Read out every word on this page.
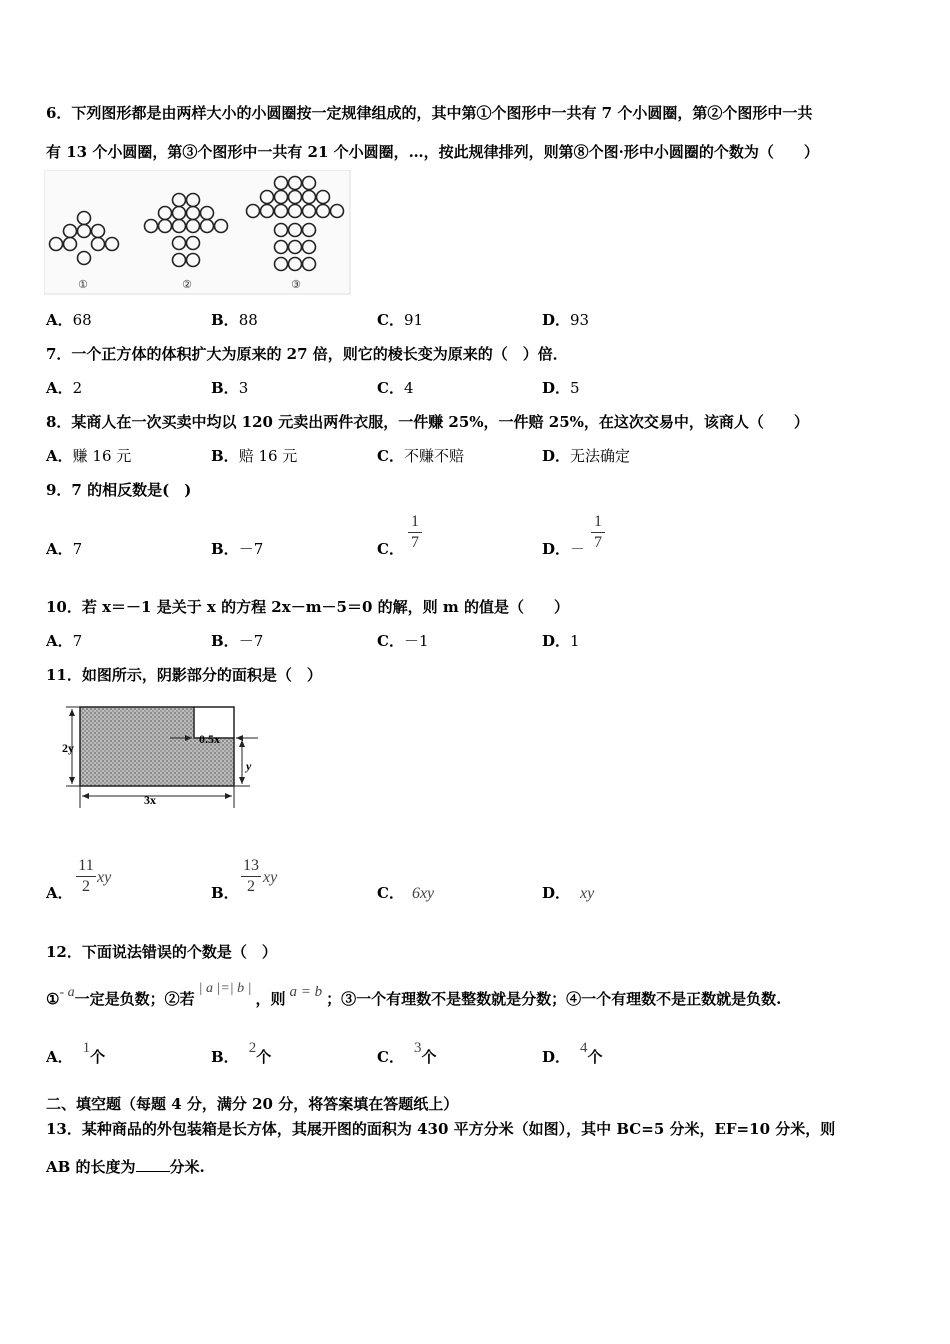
6．下列图形都是由两样大小的小圆圈按一定规律组成的，其中第①个图形中一共有 7 个小圆圈，第②个图形中一共
有 13 个小圆圈，第③个图形中一共有 21 个小圆圈，…，按此规律排列，则第⑧个图·形中小圆圈的个数为（　　）
①	②	③
A．68	B．88	C．91	D．93
7．一个正方体的体积扩大为原来的 27 倍，则它的棱长变为原来的（　）倍．
A．2	B．3	C．4	D．5
8．某商人在一次买卖中均以 120 元卖出两件衣服，一件赚 25%，一件赔 25%，在这次交易中，该商人（　　）
A．赚 16 元	B．赔 16 元	C．不赚不赔	D．无法确定
9．7 的相反数是(　)
A．7	B．－7	C．
1
7	D．－
1
7
10．若 x＝－1 是关于 x 的方程 2x－m－5＝0 的解，则 m 的值是（　　）
A．7	B．－7	C．－1	D．1
11．如图所示，阴影部分的面积是（　）
2y
0.5x
y
3x
A．
11
2
xy
B．
13
2
xy
C． 6xy	D． xy
12．下面说法错误的个数是（　）
①- a一定是负数；②若| a |=| b |，则 a = b ；③一个有理数不是整数就是分数；④一个有理数不是正数就是负数.
A． 1个	B． 2个	C． 3个	D． 4个
二、填空题（每题 4 分，满分 20 分，将答案填在答题纸上）
13．某种商品的外包装箱是长方体，其展开图的面积为 430 平方分米（如图），其中 BC=5 分米，EF=10 分米，则
AB 的长度为 分米.
